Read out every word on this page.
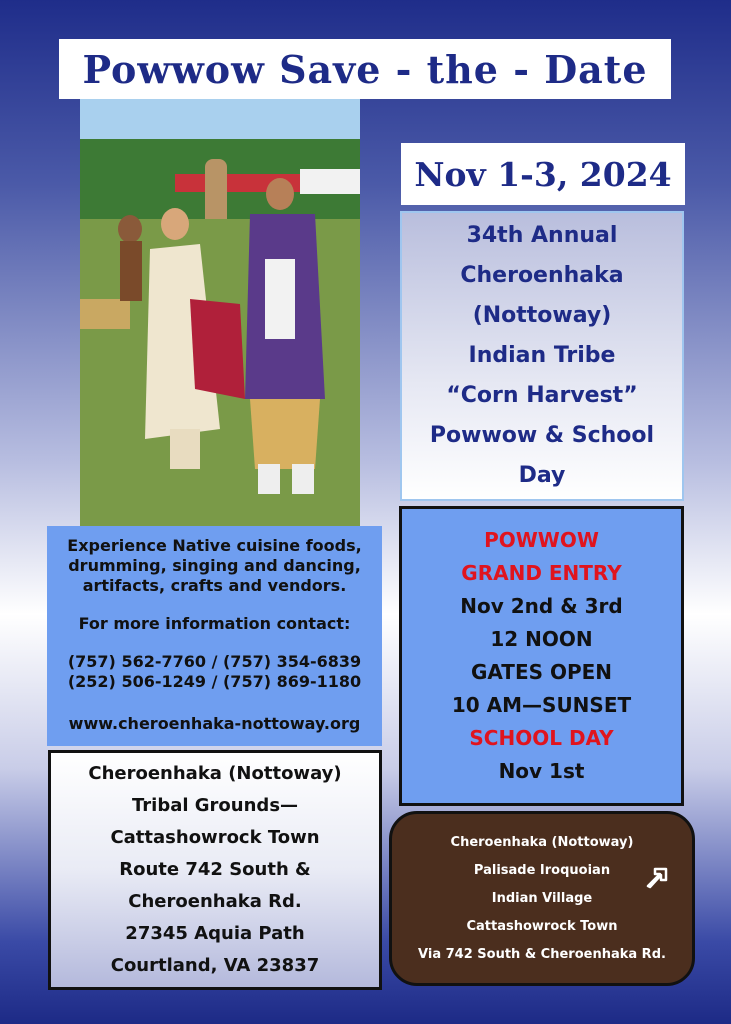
Powwow Save - the - Date
Nov 1-3, 2024
34th Annual
Cheroenhaka
(Nottoway)
Indian Tribe
“Corn Harvest”
Powwow & School
Day
POWWOW
GRAND ENTRY
Nov 2nd & 3rd
12 NOON
GATES OPEN
10 AM—SUNSET
SCHOOL DAY
Nov 1st
Experience Native cuisine foods,
drumming, singing and dancing,
artifacts, crafts and vendors.
For more information contact:
(757) 562-7760 / (757) 354-6839
(252) 506-1249 / (757) 869-1180
www.cheroenhaka-nottoway.org
Cheroenhaka (Nottoway)
Tribal Grounds—
Cattashowrock Town
Route 742 South &
Cheroenhaka Rd.
27345 Aquia Path
Courtland, VA 23837
Cheroenhaka (Nottoway)
Palisade Iroquoian
Indian Village
Cattashowrock Town
Via 742 South & Cheroenhaka Rd.
